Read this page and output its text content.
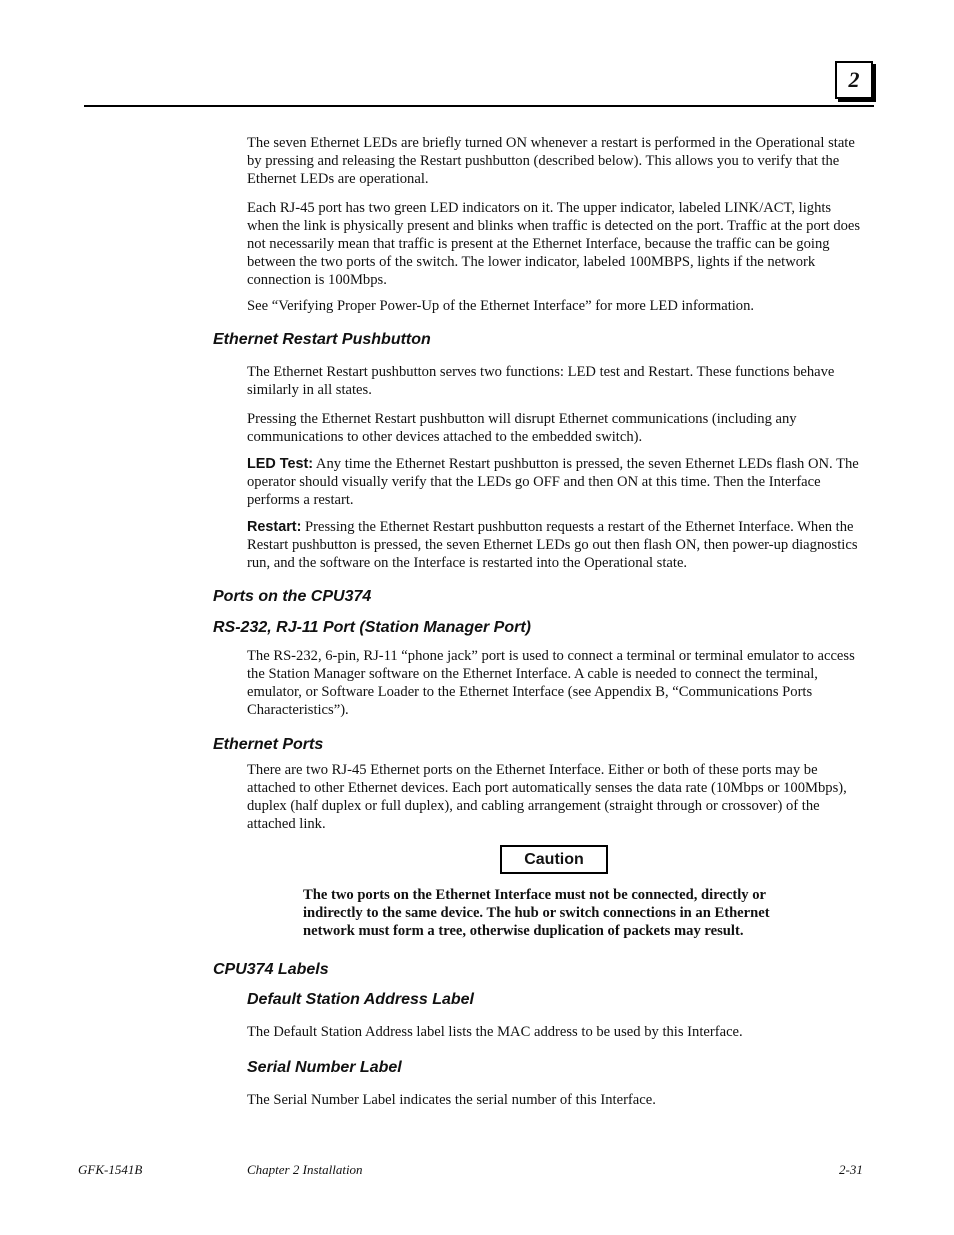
2

The seven Ethernet LEDs are briefly turned ON whenever a restart is performed in the Operational state by pressing and releasing the Restart pushbutton (described below). This allows you to verify that the Ethernet LEDs are operational.

Each RJ-45 port has two green LED indicators on it. The upper indicator, labeled LINK/ACT, lights when the link is physically present and blinks when traffic is detected on the port. Traffic at the port does not necessarily mean that traffic is present at the Ethernet Interface, because the traffic can be going between the two ports of the switch. The lower indicator, labeled 100MBPS, lights if the network connection is 100Mbps.

See “Verifying Proper Power-Up of the Ethernet Interface” for more LED information.

Ethernet Restart Pushbutton

The Ethernet Restart pushbutton serves two functions: LED test and Restart. These functions behave similarly in all states.

Pressing the Ethernet Restart pushbutton will disrupt Ethernet communications (including any communications to other devices attached to the embedded switch).

LED Test: Any time the Ethernet Restart pushbutton is pressed, the seven Ethernet LEDs flash ON. The operator should visually verify that the LEDs go OFF and then ON at this time. Then the Interface performs a restart.

Restart: Pressing the Ethernet Restart pushbutton requests a restart of the Ethernet Interface. When the Restart pushbutton is pressed, the seven Ethernet LEDs go out then flash ON, then power-up diagnostics run, and the software on the Interface is restarted into the Operational state.

Ports on the CPU374
RS-232, RJ-11 Port (Station Manager Port)

The RS-232, 6-pin, RJ-11 “phone jack” port is used to connect a terminal or terminal emulator to access the Station Manager software on the Ethernet Interface. A cable is needed to connect the terminal, emulator, or Software Loader to the Ethernet Interface (see Appendix B, “Communications Ports Characteristics”).

Ethernet Ports

There are two RJ-45 Ethernet ports on the Ethernet Interface. Either or both of these ports may be attached to other Ethernet devices. Each port automatically senses the data rate (10Mbps or 100Mbps), duplex (half duplex or full duplex), and cabling arrangement (straight through or crossover) of the attached link.

Caution

The two ports on the Ethernet Interface must not be connected, directly or indirectly to the same device. The hub or switch connections in an Ethernet network must form a tree, otherwise duplication of packets may result.

CPU374 Labels
Default Station Address Label

The Default Station Address label lists the MAC address to be used by this Interface.

Serial Number Label

The Serial Number Label indicates the serial number of this Interface.

GFK-1541B	Chapter 2 Installation	2-31
